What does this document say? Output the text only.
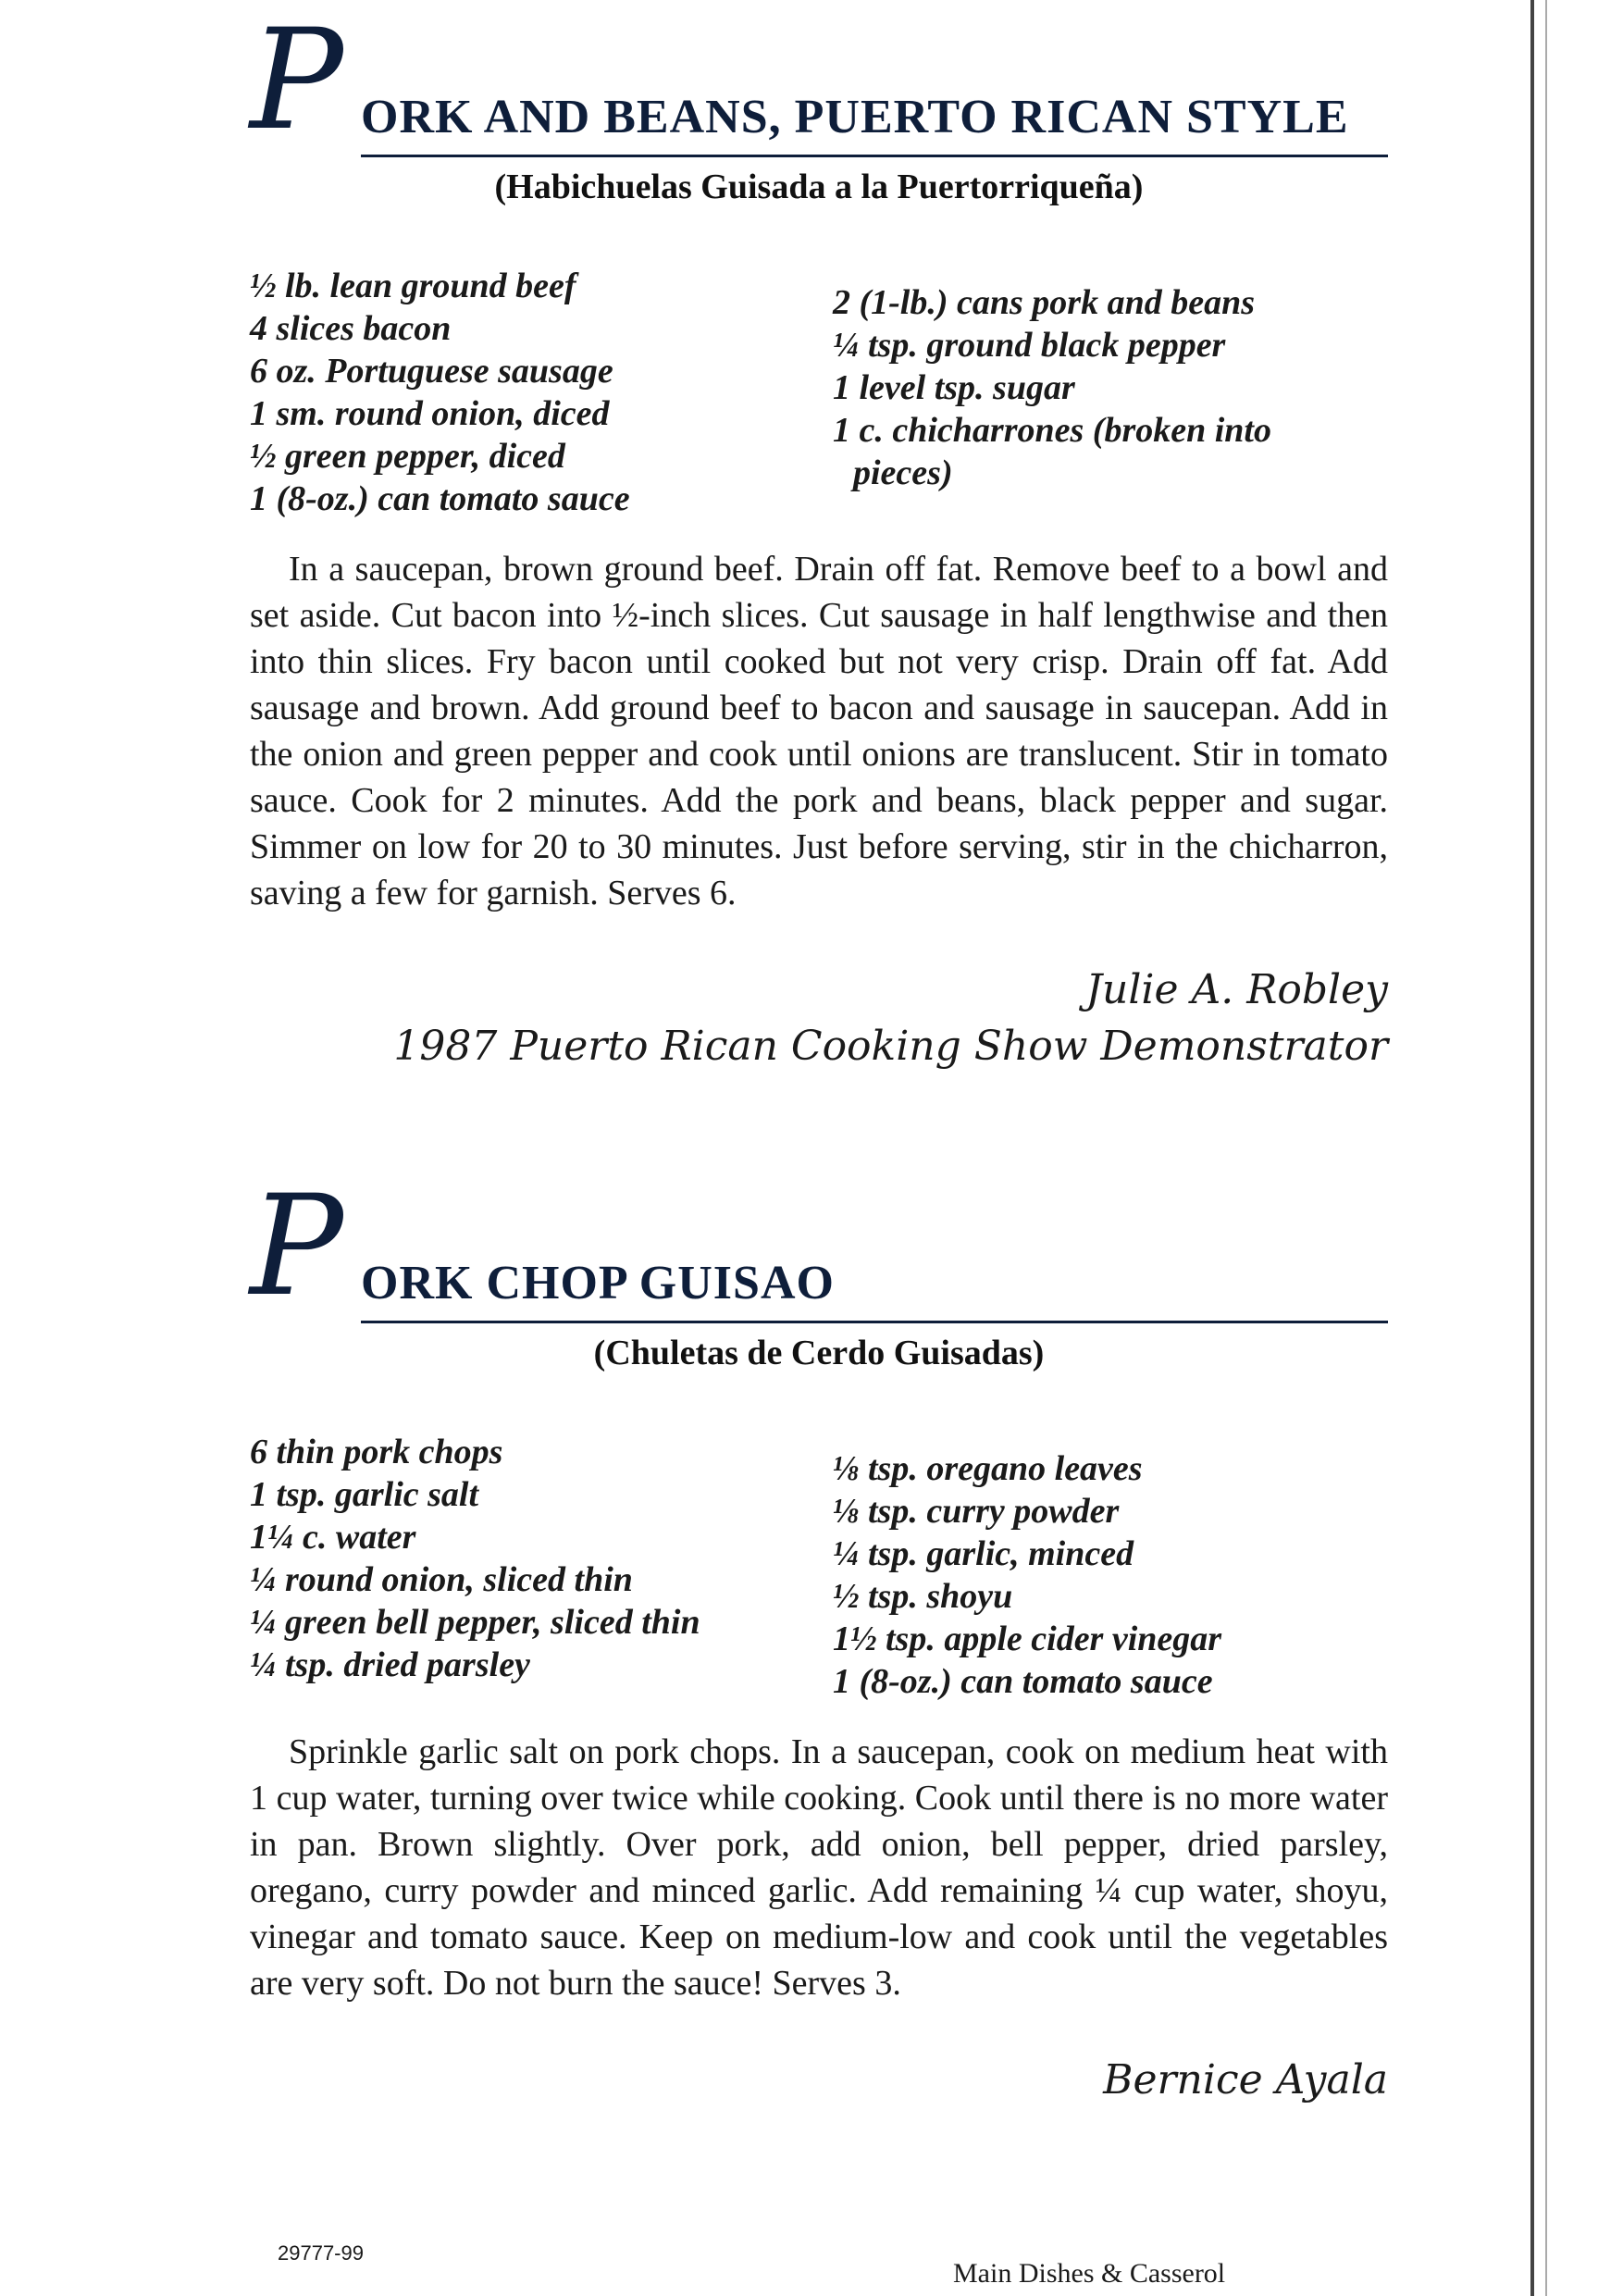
P ORK AND BEANS, PUERTO RICAN STYLE
(Habichuelas Guisada a la Puertorriqueña)
½ lb. lean ground beef
4 slices bacon
6 oz. Portuguese sausage
1 sm. round onion, diced
½ green pepper, diced
1 (8-oz.) can tomato sauce
2 (1-lb.) cans pork and beans
¼ tsp. ground black pepper
1 level tsp. sugar
1 c. chicharrones (broken into
pieces)

In a saucepan, brown ground beef. Drain off fat. Remove beef to a bowl and set aside. Cut bacon into ½-inch slices. Cut sausage in half lengthwise and then into thin slices. Fry bacon until cooked but not very crisp. Drain off fat. Add sausage and brown. Add ground beef to bacon and sausage in saucepan. Add in the onion and green pepper and cook until onions are translucent. Stir in tomato sauce. Cook for 2 minutes. Add the pork and beans, black pepper and sugar. Simmer on low for 20 to 30 minutes. Just before serving, stir in the chicharron, saving a few for garnish. Serves 6.

Julie A. Robley
1987 Puerto Rican Cooking Show Demonstrator
P ORK CHOP GUISAO
(Chuletas de Cerdo Guisadas)
6 thin pork chops
1 tsp. garlic salt
1¼ c. water
¼ round onion, sliced thin
¼ green bell pepper, sliced thin
¼ tsp. dried parsley
⅛ tsp. oregano leaves
⅛ tsp. curry powder
¼ tsp. garlic, minced
½ tsp. shoyu
1½ tsp. apple cider vinegar
1 (8-oz.) can tomato sauce

Sprinkle garlic salt on pork chops. In a saucepan, cook on medium heat with 1 cup water, turning over twice while cooking. Cook until there is no more water in pan. Brown slightly. Over pork, add onion, bell pepper, dried parsley, oregano, curry powder and minced garlic. Add remaining ¼ cup water, shoyu, vinegar and tomato sauce. Keep on medium-low and cook until the vegetables are very soft. Do not burn the sauce! Serves 3.

Bernice Ayala
29777-99
Main Dishes & Casserol
